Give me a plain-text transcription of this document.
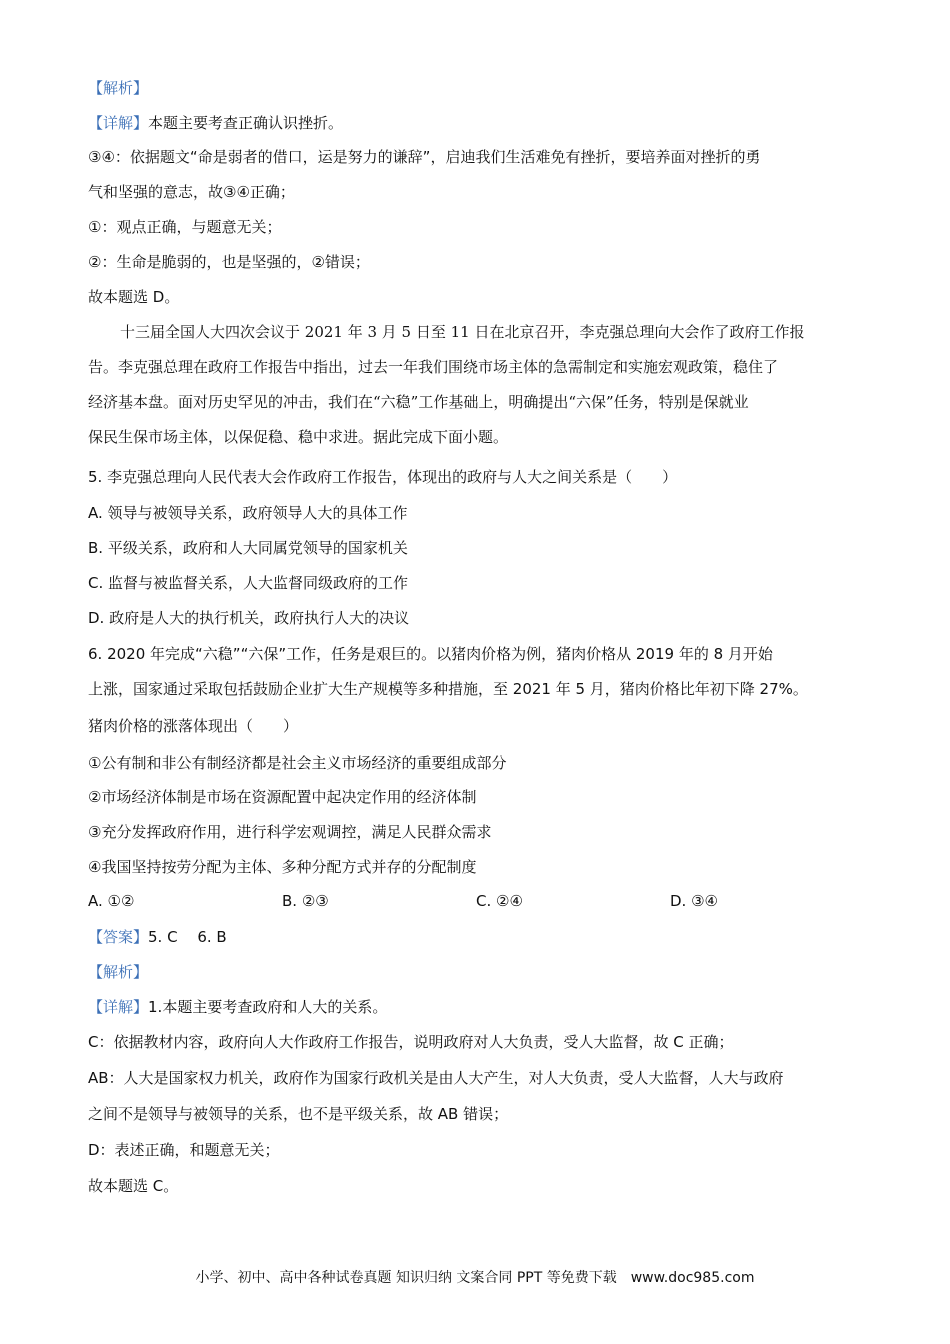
【解析】
【详解】本题主要考查正确认识挫折。
③④：依据题文“命是弱者的借口，运是努力的谦辞”，启迪我们生活难免有挫折，要培养面对挫折的勇
气和坚强的意志，故③④正确；
①：观点正确，与题意无关；
②：生命是脆弱的，也是坚强的，②错误；
故本题选 D。
十三届全国人大四次会议于 2021 年 3 月 5 日至 11 日在北京召开，李克强总理向大会作了政府工作报
告。李克强总理在政府工作报告中指出，过去一年我们围绕市场主体的急需制定和实施宏观政策，稳住了
经济基本盘。面对历史罕见的冲击，我们在“六稳”工作基础上，明确提出“六保”任务，特别是保就业
保民生保市场主体，以保促稳、稳中求进。据此完成下面小题。
5. 李克强总理向人民代表大会作政府工作报告，体现出的政府与人大之间关系是（　　）
A. 领导与被领导关系，政府领导人大的具体工作
B. 平级关系，政府和人大同属党领导的国家机关
C. 监督与被监督关系，人大监督同级政府的工作
D. 政府是人大的执行机关，政府执行人大的决议
6. 2020 年完成“六稳”“六保”工作，任务是艰巨的。以猪肉价格为例，猪肉价格从 2019 年的 8 月开始
上涨，国家通过采取包括鼓励企业扩大生产规模等多种措施，至 2021 年 5 月，猪肉价格比年初下降 27%。
猪肉价格的涨落体现出（　　）
①公有制和非公有制经济都是社会主义市场经济的重要组成部分
②市场经济体制是市场在资源配置中起决定作用的经济体制
③充分发挥政府作用，进行科学宏观调控，满足人民群众需求
④我国坚持按劳分配为主体、多种分配方式并存的分配制度
A. ①②	B. ②③	C. ②④	D. ③④
【答案】5. C　 6. B
【解析】
【详解】1.本题主要考查政府和人大的关系。
C：依据教材内容，政府向人大作政府工作报告，说明政府对人大负责，受人大监督，故 C 正确；
AB：人大是国家权力机关，政府作为国家行政机关是由人大产生，对人大负责，受人大监督，人大与政府
之间不是领导与被领导的关系，也不是平级关系，故 AB 错误；
D：表述正确，和题意无关；
故本题选 C。
小学、初中、高中各种试卷真题 知识归纳 文案合同 PPT 等免费下载　www.doc985.com
